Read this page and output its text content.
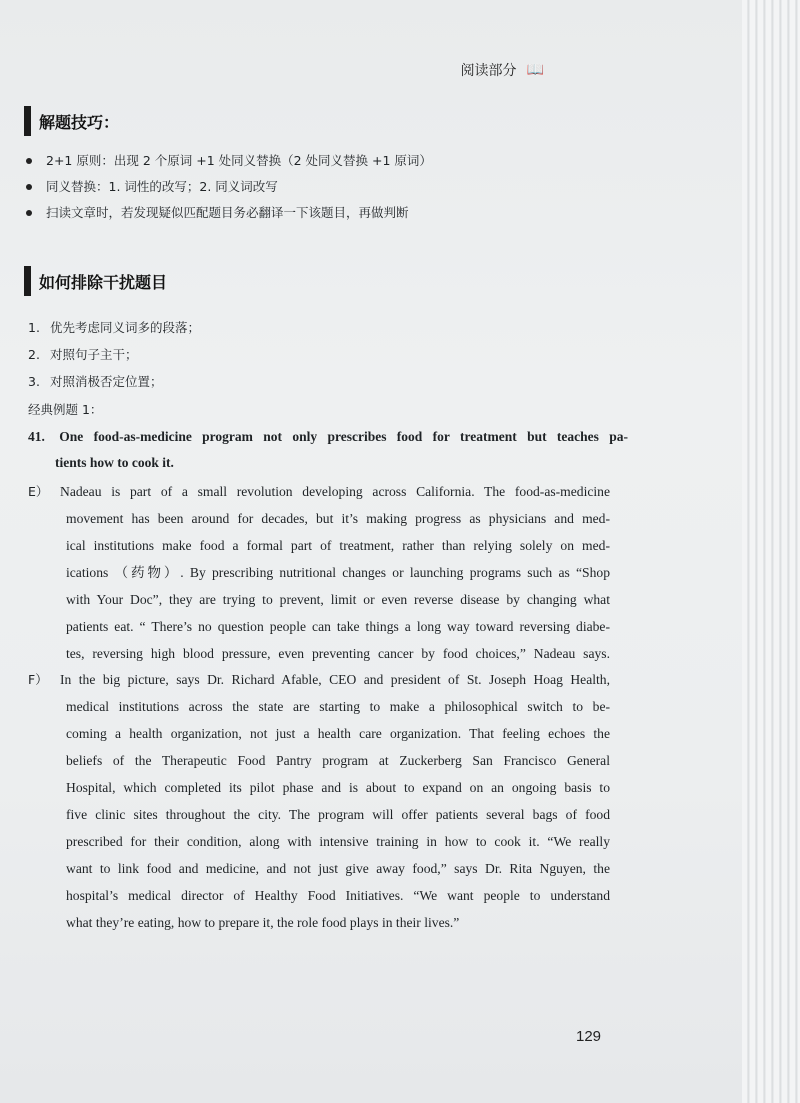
阅读部分 📖
解题技巧：
2+1 原则：出现 2 个原词 +1 处同义替换（2 处同义替换 +1 原词）
同义替换：1. 词性的改写；2. 同义词改写
扫读文章时，若发现疑似匹配题目务必翻译一下该题目，再做判断
如何排除干扰题目
1. 优先考虑同义词多的段落；
2. 对照句子主干；
3. 对照消极否定位置；
经典例题 1：
41. One food-as-medicine program not only prescribes food for treatment but teaches pa-
tients how to cook it.
E） Nadeau is part of a small revolution developing across California. The food-as-medicine
movement has been around for decades, but it’s making progress as physicians and med-
ical institutions make food a formal part of treatment, rather than relying solely on med-
ications （药物）. By prescribing nutritional changes or launching programs such as “Shop
with Your Doc”, they are trying to prevent, limit or even reverse disease by changing what
patients eat. “ There’s no question people can take things a long way toward reversing diabe-
tes, reversing high blood pressure, even preventing cancer by food choices,” Nadeau says.
F） In the big picture, says Dr. Richard Afable, CEO and president of St. Joseph Hoag Health,
medical institutions across the state are starting to make a philosophical switch to be-
coming a health organization, not just a health care organization. That feeling echoes the
beliefs of the Therapeutic Food Pantry program at Zuckerberg San Francisco General
Hospital, which completed its pilot phase and is about to expand on an ongoing basis to
five clinic sites throughout the city. The program will offer patients several bags of food
prescribed for their condition, along with intensive training in how to cook it. “We really
want to link food and medicine, and not just give away food,” says Dr. Rita Nguyen, the
hospital’s medical director of Healthy Food Initiatives. “We want people to understand
what they’re eating, how to prepare it, the role food plays in their lives.”
129
